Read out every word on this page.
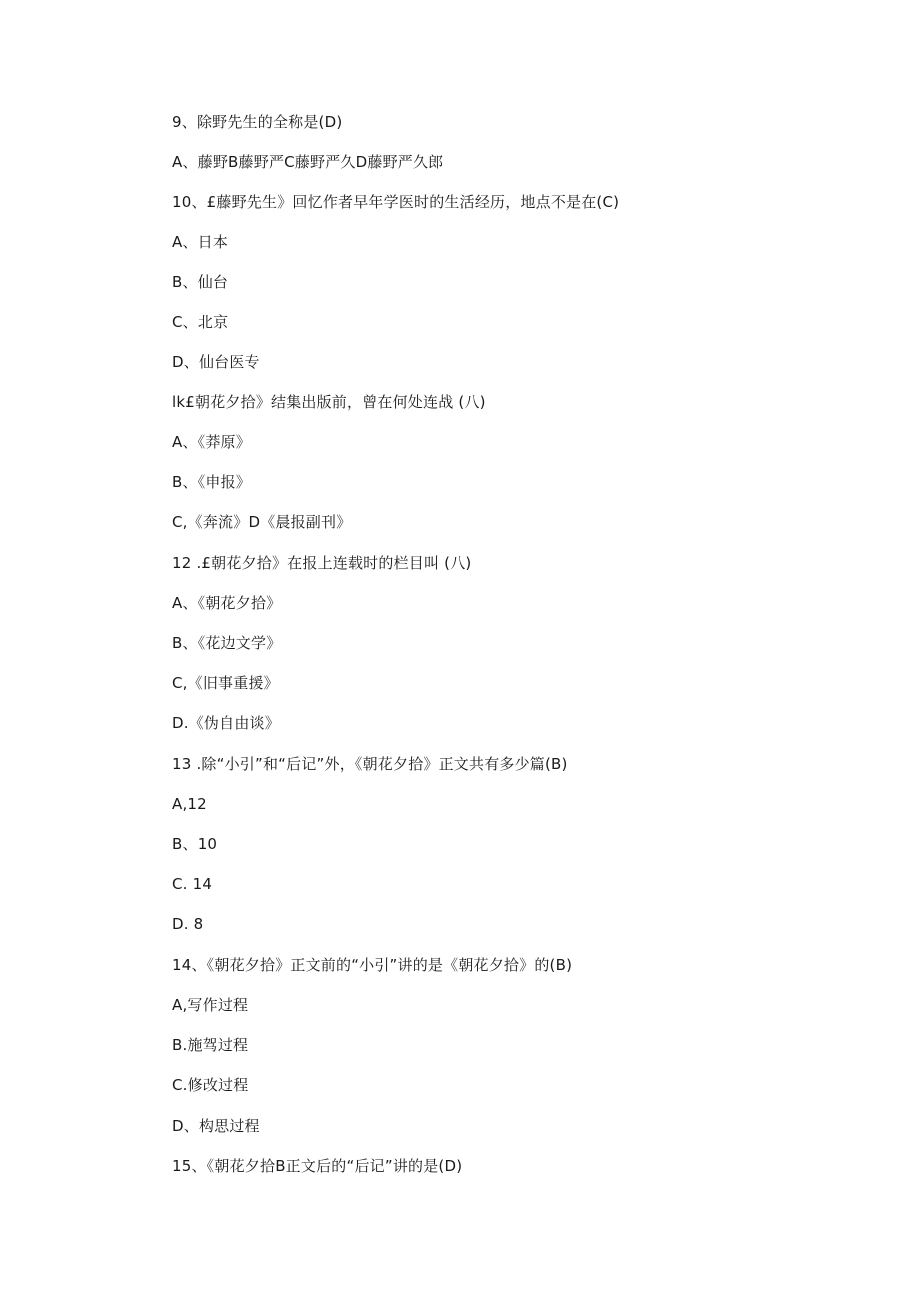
9、除野先生的全称是(D)
A、藤野B藤野严C藤野严久D藤野严久郎
10、£藤野先生》回忆作者早年学医时的生活经历，地点不是在(C)
A、日本
B、仙台
C、北京
D、仙台医专
lk£朝花夕拾》结集出版前，曾在何处连战 (八)
A、《莽原》
B、《申报》
C,《奔流》D《晨报副刊》
12 .£朝花夕拾》在报上连载时的栏目叫 (八)
A、《朝花夕拾》
B、《花边文学》
C,《旧事重援》
D.《伪自由谈》
13 .除“小引”和“后记”外，《朝花夕拾》正文共有多少篇(B)
A,12
B、10
C. 14
D. 8
14、《朝花夕拾》正文前的“小引”讲的是《朝花夕拾》的(B)
A,写作过程
B.施驾过程
C.修改过程
D、构思过程
15、《朝花夕拾B正文后的“后记”讲的是(D)
